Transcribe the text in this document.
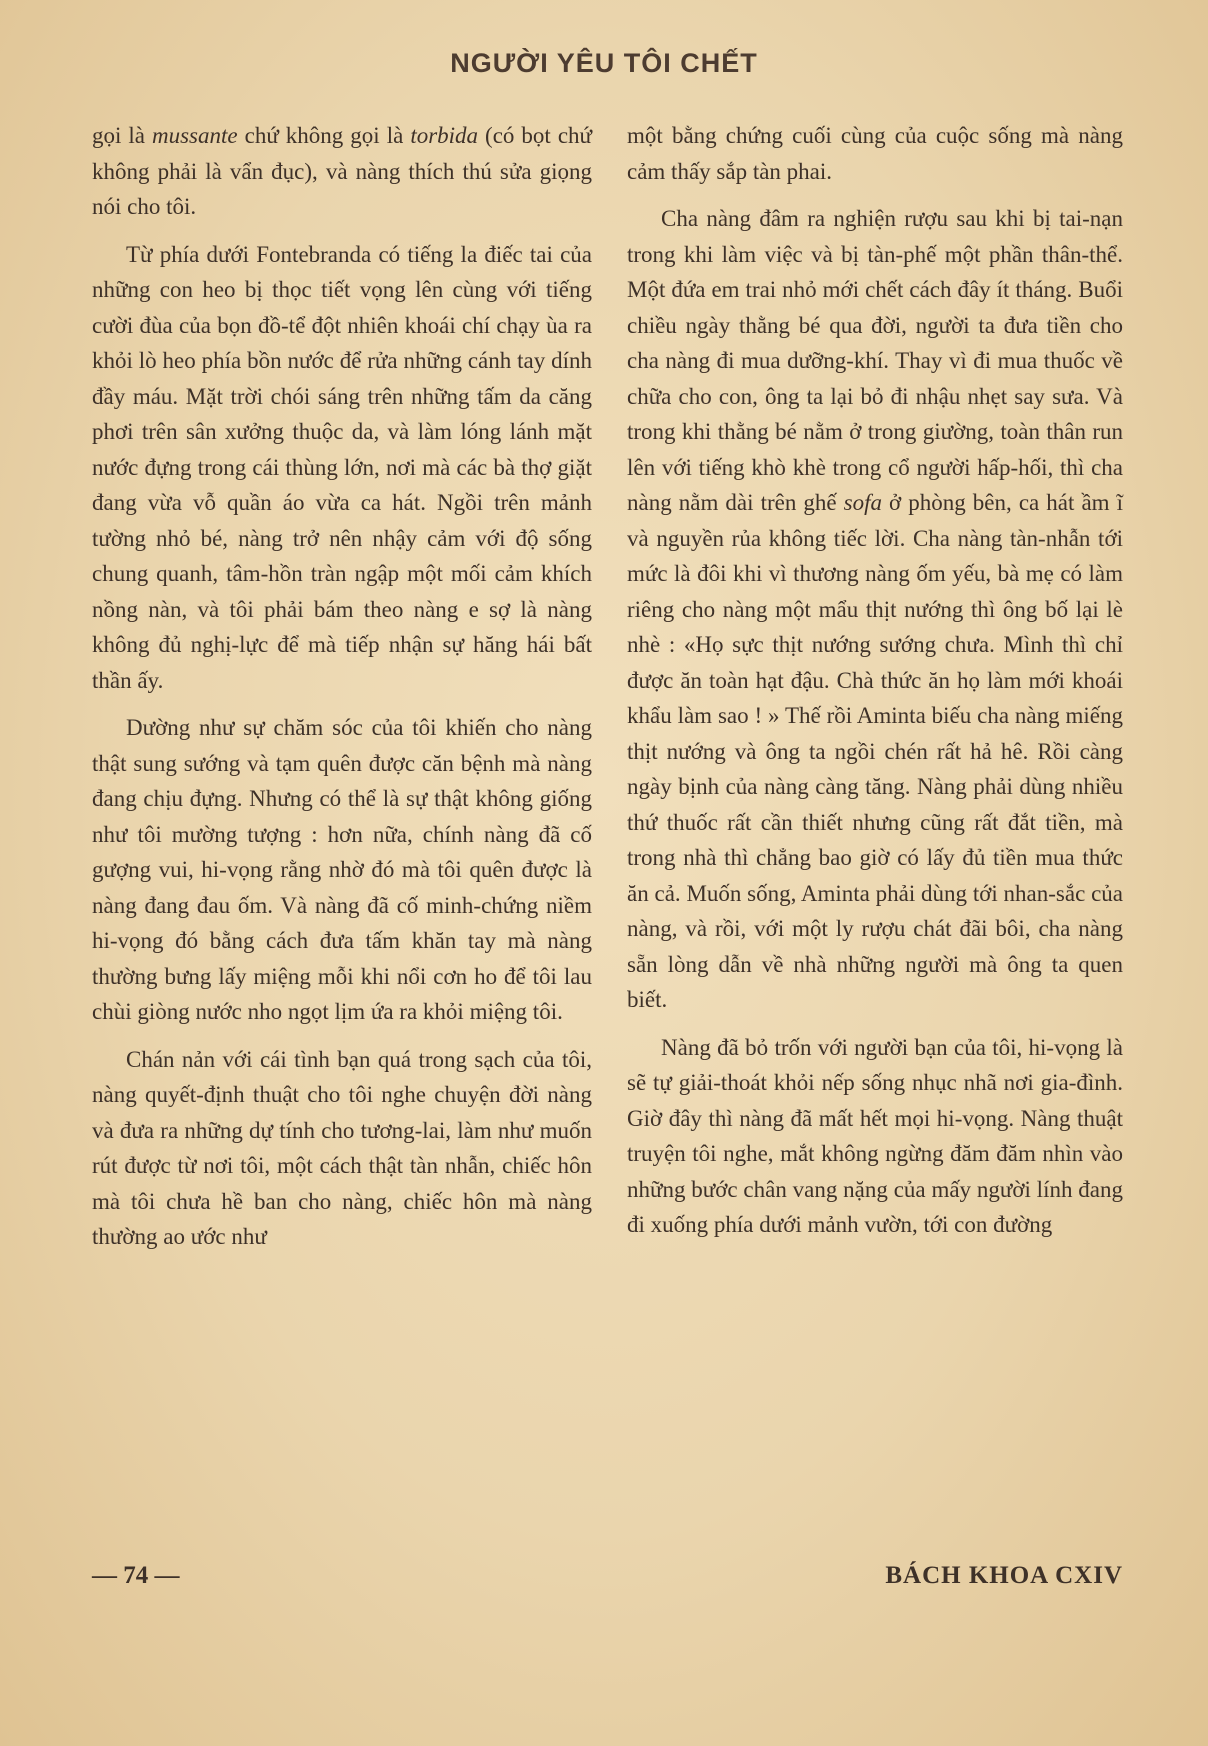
NGƯỜI YÊU TÔI CHẾT

gọi là mussante chứ không gọi là torbida (có bọt chứ không phải là vẩn đục), và nàng thích thú sửa giọng nói cho tôi.

Từ phía dưới Fontebranda có tiếng la điếc tai của những con heo bị thọc tiết vọng lên cùng với tiếng cười đùa của bọn đồ-tể đột nhiên khoái chí chạy ùa ra khỏi lò heo phía bồn nước để rửa những cánh tay dính đầy máu. Mặt trời chói sáng trên những tấm da căng phơi trên sân xưởng thuộc da, và làm lóng lánh mặt nước đựng trong cái thùng lớn, nơi mà các bà thợ giặt đang vừa vỗ quần áo vừa ca hát. Ngồi trên mảnh tường nhỏ bé, nàng trở nên nhậy cảm với độ sống chung quanh, tâm-hồn tràn ngập một mối cảm khích nồng nàn, và tôi phải bám theo nàng e sợ là nàng không đủ nghị-lực để mà tiếp nhận sự hăng hái bất thần ấy.

Dường như sự chăm sóc của tôi khiến cho nàng thật sung sướng và tạm quên được căn bệnh mà nàng đang chịu đựng. Nhưng có thể là sự thật không giống như tôi mường tượng : hơn nữa, chính nàng đã cố gượng vui, hi-vọng rằng nhờ đó mà tôi quên được là nàng đang đau ốm. Và nàng đã cố minh-chứng niềm hi-vọng đó bằng cách đưa tấm khăn tay mà nàng thường bưng lấy miệng mỗi khi nổi cơn ho để tôi lau chùi giòng nước nho ngọt lịm ứa ra khỏi miệng tôi.

Chán nản với cái tình bạn quá trong sạch của tôi, nàng quyết-định thuật cho tôi nghe chuyện đời nàng và đưa ra những dự tính cho tương-lai, làm như muốn rút được từ nơi tôi, một cách thật tàn nhẫn, chiếc hôn mà tôi chưa hề ban cho nàng, chiếc hôn mà nàng thường ao ước như

một bằng chứng cuối cùng của cuộc sống mà nàng cảm thấy sắp tàn phai.

Cha nàng đâm ra nghiện rượu sau khi bị tai-nạn trong khi làm việc và bị tàn-phế một phần thân-thể. Một đứa em trai nhỏ mới chết cách đây ít tháng. Buổi chiều ngày thằng bé qua đời, người ta đưa tiền cho cha nàng đi mua dưỡng-khí. Thay vì đi mua thuốc về chữa cho con, ông ta lại bỏ đi nhậu nhẹt say sưa. Và trong khi thằng bé nằm ở trong giường, toàn thân run lên với tiếng khò khè trong cổ người hấp-hối, thì cha nàng nằm dài trên ghế sofa ở phòng bên, ca hát ầm ĩ và nguyền rủa không tiếc lời. Cha nàng tàn-nhẫn tới mức là đôi khi vì thương nàng ốm yếu, bà mẹ có làm riêng cho nàng một mẩu thịt nướng thì ông bố lại lè nhè : «Họ sực thịt nướng sướng chưa. Mình thì chỉ được ăn toàn hạt đậu. Chà thức ăn họ làm mới khoái khẩu làm sao ! » Thế rồi Aminta biếu cha nàng miếng thịt nướng và ông ta ngồi chén rất hả hê. Rồi càng ngày bịnh của nàng càng tăng. Nàng phải dùng nhiều thứ thuốc rất cần thiết nhưng cũng rất đắt tiền, mà trong nhà thì chẳng bao giờ có lấy đủ tiền mua thức ăn cả. Muốn sống, Aminta phải dùng tới nhan-sắc của nàng, và rồi, với một ly rượu chát đãi bôi, cha nàng sẵn lòng dẫn về nhà những người mà ông ta quen biết.

Nàng đã bỏ trốn với người bạn của tôi, hi-vọng là sẽ tự giải-thoát khỏi nếp sống nhục nhã nơi gia-đình. Giờ đây thì nàng đã mất hết mọi hi-vọng. Nàng thuật truyện tôi nghe, mắt không ngừng đăm đăm nhìn vào những bước chân vang nặng của mấy người lính đang đi xuống phía dưới mảnh vườn, tới con đường

— 74 —	BÁCH KHOA CXIV
